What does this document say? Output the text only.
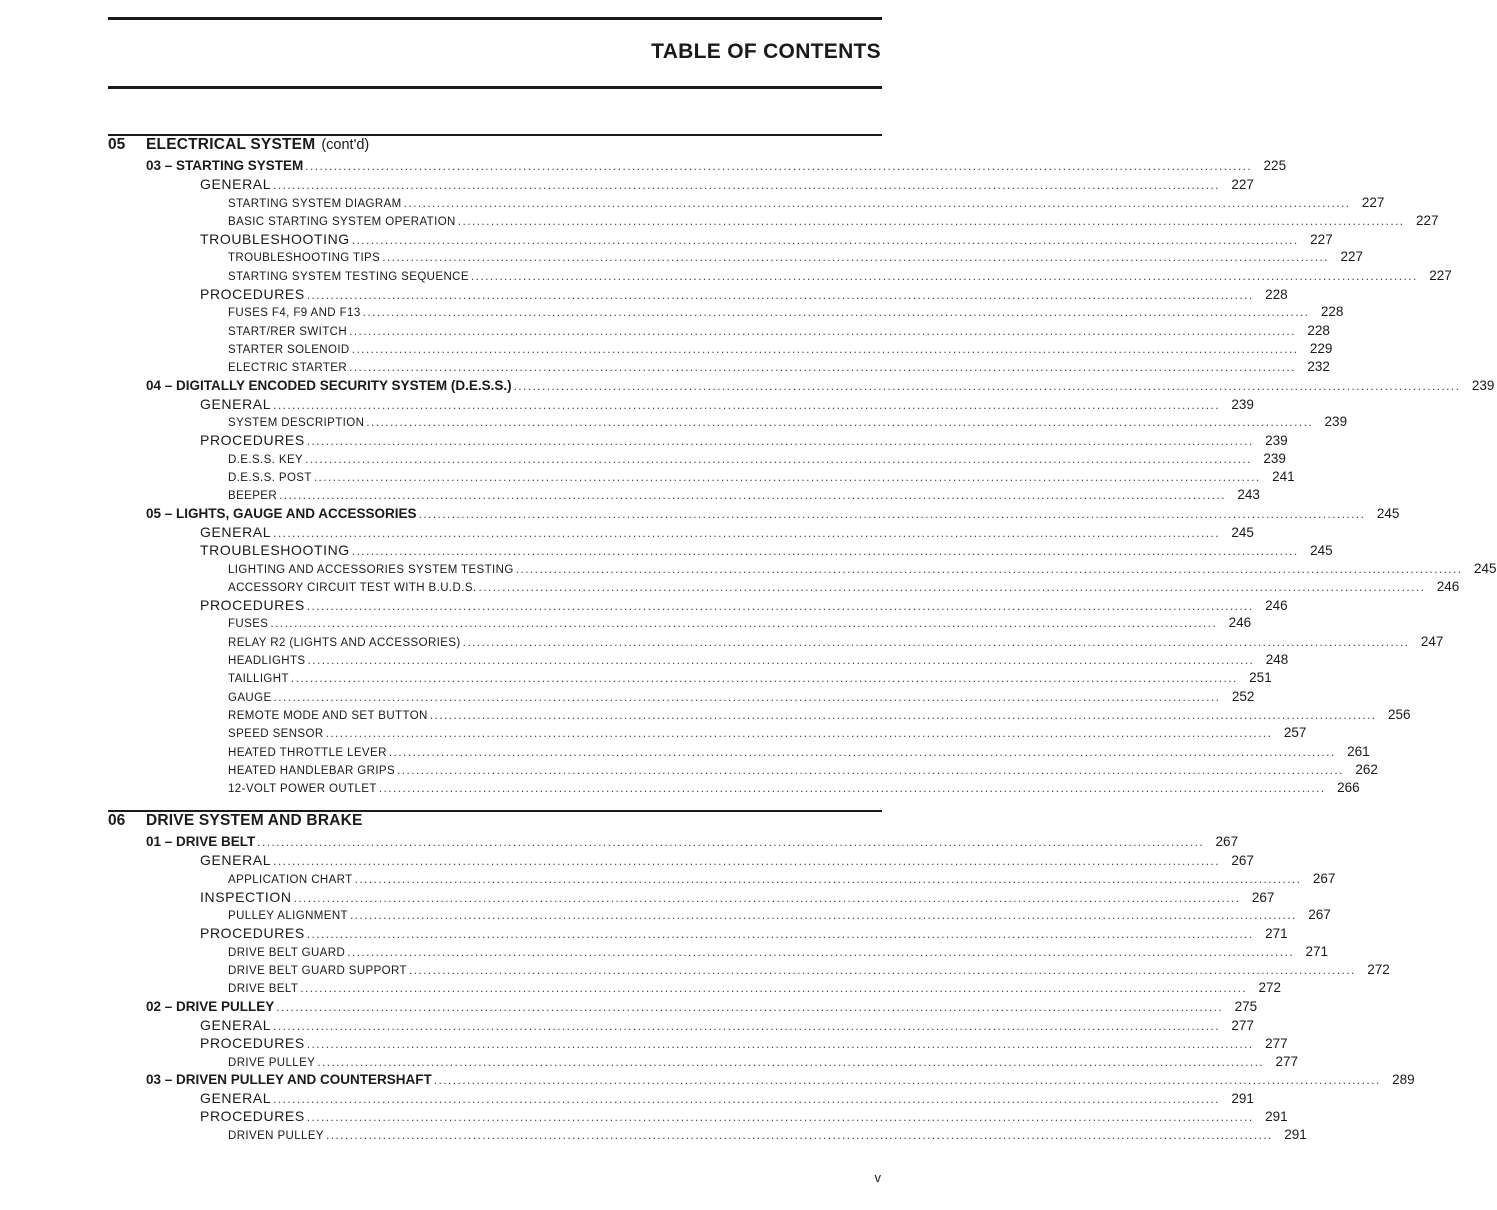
TABLE OF CONTENTS
05	ELECTRICAL SYSTEM (cont'd)
03 – STARTING SYSTEM ........................................................................................................................................................................................................ 225
GENERAL ........................................................................................................................................................................................................ 227
STARTING SYSTEM DIAGRAM ........................................................................................................................................................................................................ 227
BASIC STARTING SYSTEM OPERATION ........................................................................................................................................................................................................ 227
TROUBLESHOOTING ........................................................................................................................................................................................................ 227
TROUBLESHOOTING TIPS ........................................................................................................................................................................................................ 227
STARTING SYSTEM TESTING SEQUENCE ........................................................................................................................................................................................................ 227
PROCEDURES ........................................................................................................................................................................................................ 228
FUSES F4, F9 AND F13 ........................................................................................................................................................................................................ 228
START/RER SWITCH ........................................................................................................................................................................................................ 228
STARTER SOLENOID ........................................................................................................................................................................................................ 229
ELECTRIC STARTER ........................................................................................................................................................................................................ 232
04 – DIGITALLY ENCODED SECURITY SYSTEM (D.E.S.S.) ........................................................................................................................................................................................................ 239
GENERAL ........................................................................................................................................................................................................ 239
SYSTEM DESCRIPTION ........................................................................................................................................................................................................ 239
PROCEDURES ........................................................................................................................................................................................................ 239
D.E.S.S. KEY ........................................................................................................................................................................................................ 239
D.E.S.S. POST ........................................................................................................................................................................................................ 241
BEEPER ........................................................................................................................................................................................................ 243
05 – LIGHTS, GAUGE AND ACCESSORIES ........................................................................................................................................................................................................ 245
GENERAL ........................................................................................................................................................................................................ 245
TROUBLESHOOTING ........................................................................................................................................................................................................ 245
LIGHTING AND ACCESSORIES SYSTEM TESTING ........................................................................................................................................................................................................ 245
ACCESSORY CIRCUIT TEST WITH B.U.D.S. ........................................................................................................................................................................................................ 246
PROCEDURES ........................................................................................................................................................................................................ 246
FUSES ........................................................................................................................................................................................................ 246
RELAY R2 (LIGHTS AND ACCESSORIES) ........................................................................................................................................................................................................ 247
HEADLIGHTS ........................................................................................................................................................................................................ 248
TAILLIGHT ........................................................................................................................................................................................................ 251
GAUGE ........................................................................................................................................................................................................ 252
REMOTE MODE AND SET BUTTON ........................................................................................................................................................................................................ 256
SPEED SENSOR ........................................................................................................................................................................................................ 257
HEATED THROTTLE LEVER ........................................................................................................................................................................................................ 261
HEATED HANDLEBAR GRIPS ........................................................................................................................................................................................................ 262
12-VOLT POWER OUTLET ........................................................................................................................................................................................................ 266
06	DRIVE SYSTEM AND BRAKE
01 – DRIVE BELT ........................................................................................................................................................................................................ 267
GENERAL ........................................................................................................................................................................................................ 267
APPLICATION CHART ........................................................................................................................................................................................................ 267
INSPECTION ........................................................................................................................................................................................................ 267
PULLEY ALIGNMENT ........................................................................................................................................................................................................ 267
PROCEDURES ........................................................................................................................................................................................................ 271
DRIVE BELT GUARD ........................................................................................................................................................................................................ 271
DRIVE BELT GUARD SUPPORT ........................................................................................................................................................................................................ 272
DRIVE BELT ........................................................................................................................................................................................................ 272
02 – DRIVE PULLEY ........................................................................................................................................................................................................ 275
GENERAL ........................................................................................................................................................................................................ 277
PROCEDURES ........................................................................................................................................................................................................ 277
DRIVE PULLEY ........................................................................................................................................................................................................ 277
03 – DRIVEN PULLEY AND COUNTERSHAFT ........................................................................................................................................................................................................ 289
GENERAL ........................................................................................................................................................................................................ 291
PROCEDURES ........................................................................................................................................................................................................ 291
DRIVEN PULLEY ........................................................................................................................................................................................................ 291
v
